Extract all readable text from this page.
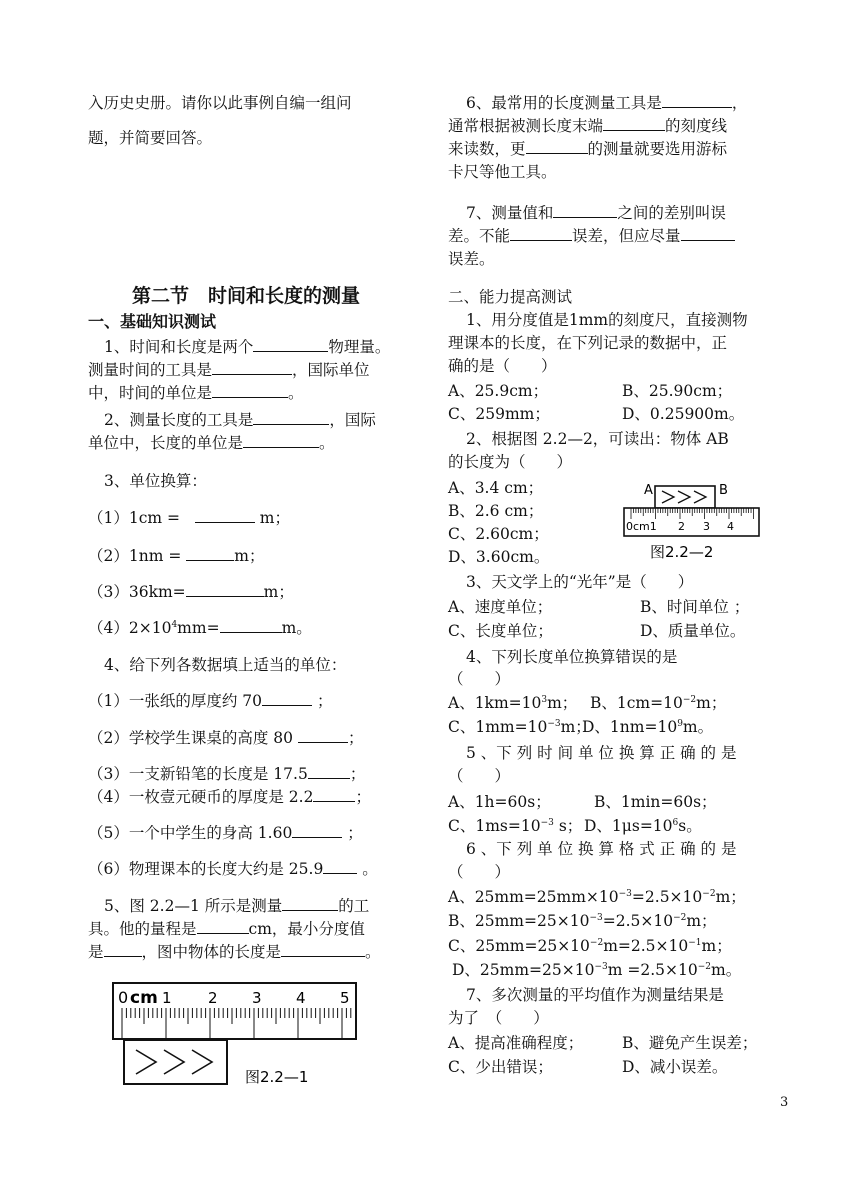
入历史史册。请你以此事例自编一组问
题，并简要回答。
第二节　时间和长度的测量
一、基础知识测试
1、时间和长度是两个	物理量。
测量时间的工具是	，国际单位
中，时间的单位是	。
2、测量长度的工具是	，国际
单位中，长度的单位是	。
3、单位换算：
（1）1cm =	m；
（2）1nm =	m；
（3）36km=	m；
$(4)2\times 10^4mm=$	m。
4、给下列各数据填上适当的单位：
（1）一张纸的厚度约 70	；
（2）学校学生课桌的高度 80	；
（3）一支新铅笔的长度是 17.5	；
（4）一枚壹元硬币的厚度是 2.2	；
（5）一个中学生的身高 1.60	；
（6）物理课本的长度大约是 25.9	。
5、图 2.2—1 所示是测量	的工
具。他的量程是	cm，最小分度值
是 ，图中物体的长度是	。
0 cm 1 2 3 4 5
图2.2—1
6、最常用的长度测量工具是	，
通常根据被测长度末端	的刻度线
来读数，更	的测量就要选用游标
卡尺等他工具。
7、测量值和	之间的差别叫误
差。不能	误差，但应尽量
误差。
二、能力提高测试
1、用分度值是1mm的刻度尺，直接测物
理课本的长度，在下列记录的数据中，正
确的是（　　）
A、25.9cm；	B、25.90cm；
C、259mm；	D、0.25900m。
2、根据图 2.2—2，可读出：物体 AB
的长度为（　　）
A、3.4 cm；
B、2.6 cm；
C、2.60cm；
D、3.60cm。
A	B
0cm1 2 3 4
图2.2—2
3、天文学上的“光年”是（　　）
A、速度单位；	B、时间单位 ；
C、长度单位；	D、质量单位。
4、下列长度单位换算错误的是
（　　）
A、$1km=10^3m$； B、$1cm=10^{-2}m$；
C、$1mm=10^{-3}m$；
D、$1nm=10^9m$。
5 、下 列 时 间 单 位 换 算 正 确 的 是
（　　）
A、1h=60s；	B、1min=60s；
C、$1ms=10^{-3}$ s； D、$1\mu s=10^6s$。
6 、下 列 单 位 换 算 格 式 正 确 的 是
（　　）
A、$25mm=25mm\times 10^{-3}=2.5\times 10^{-2}m$；
B、$25mm=25\times 10^{-3}=2.5\times 10^{-2}m$；
C、$25mm=25\times 10^{-2}m=2.5\times 10^{-1}m$；
D、$25mm=25\times 10^{-3}m =2.5\times 10^{-2}m$。
7、多次测量的平均值作为测量结果是
为了　（　　）
A、提高准确程度；	B、避免产生误差；
C、少出错误；	D、减小误差。
3
